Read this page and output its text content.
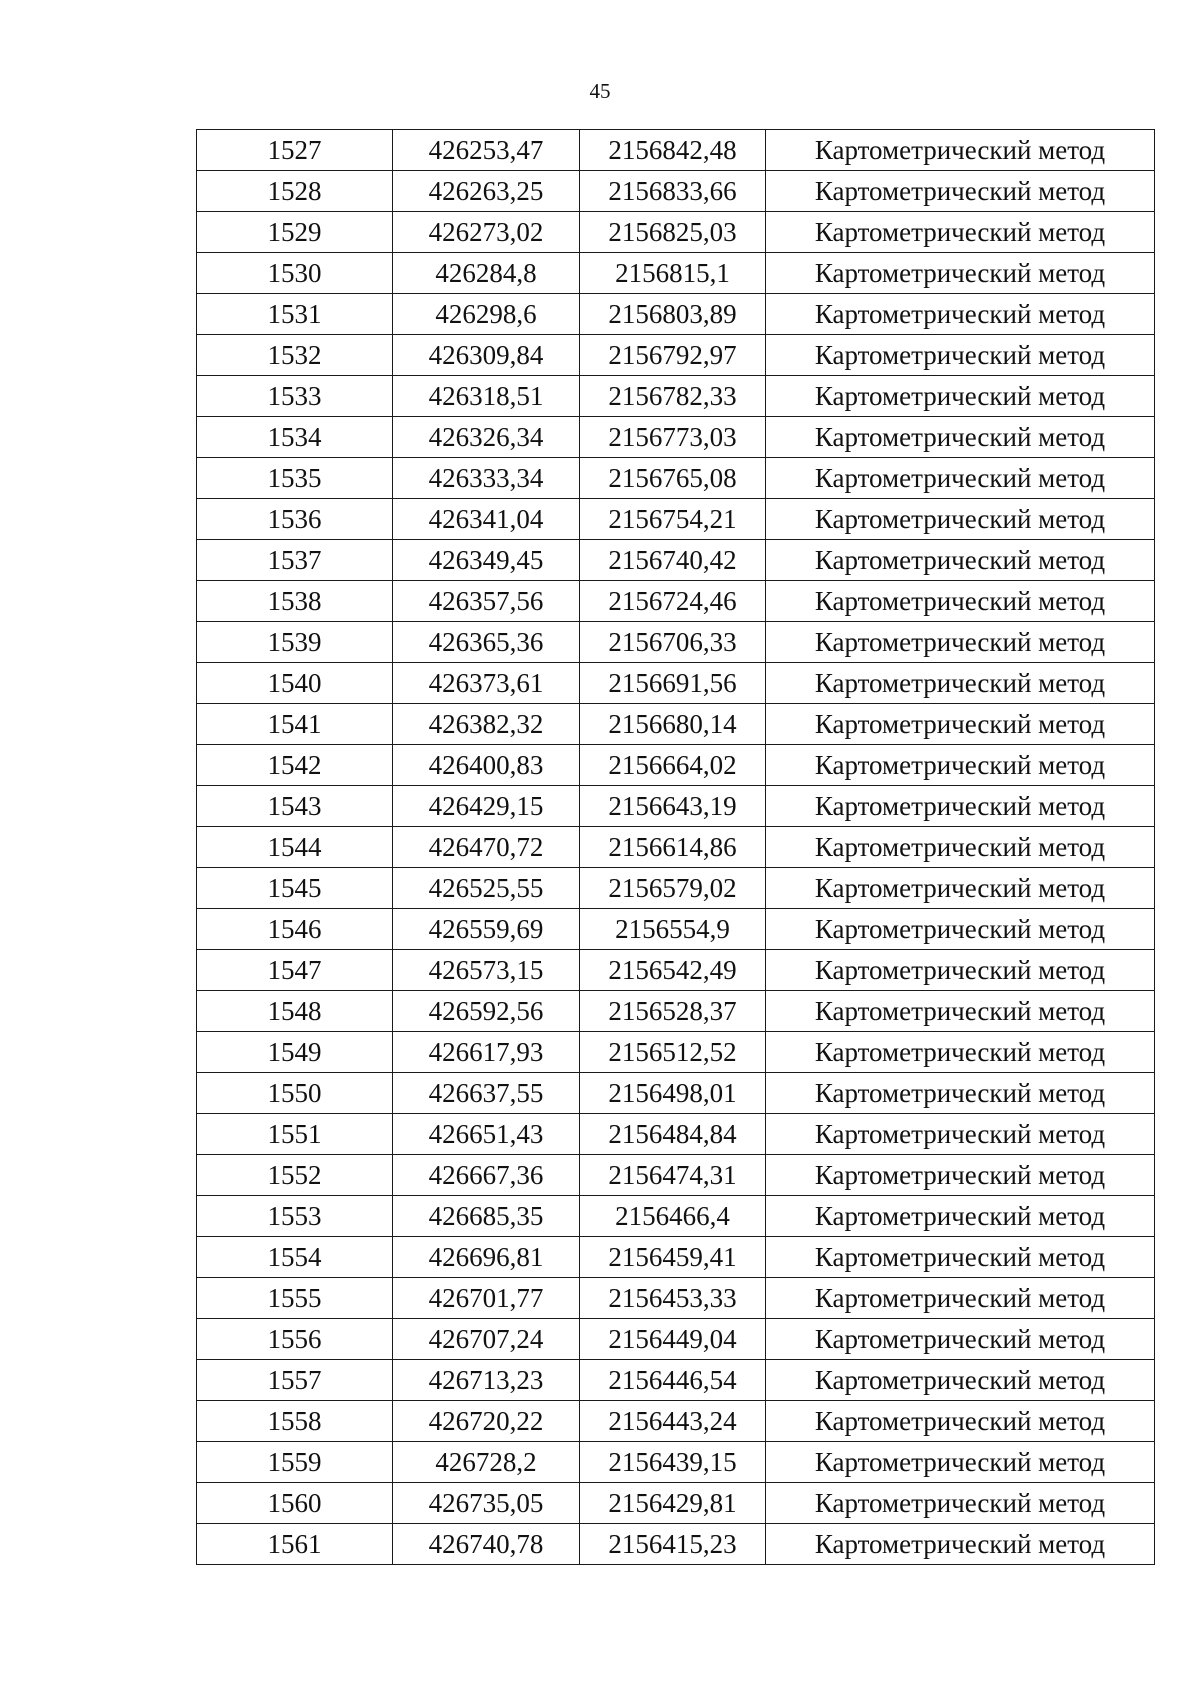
45
1527	426253,47	2156842,48	Картометрический метод
1528	426263,25	2156833,66	Картометрический метод
1529	426273,02	2156825,03	Картометрический метод
1530	426284,8	2156815,1	Картометрический метод
1531	426298,6	2156803,89	Картометрический метод
1532	426309,84	2156792,97	Картометрический метод
1533	426318,51	2156782,33	Картометрический метод
1534	426326,34	2156773,03	Картометрический метод
1535	426333,34	2156765,08	Картометрический метод
1536	426341,04	2156754,21	Картометрический метод
1537	426349,45	2156740,42	Картометрический метод
1538	426357,56	2156724,46	Картометрический метод
1539	426365,36	2156706,33	Картометрический метод
1540	426373,61	2156691,56	Картометрический метод
1541	426382,32	2156680,14	Картометрический метод
1542	426400,83	2156664,02	Картометрический метод
1543	426429,15	2156643,19	Картометрический метод
1544	426470,72	2156614,86	Картометрический метод
1545	426525,55	2156579,02	Картометрический метод
1546	426559,69	2156554,9	Картометрический метод
1547	426573,15	2156542,49	Картометрический метод
1548	426592,56	2156528,37	Картометрический метод
1549	426617,93	2156512,52	Картометрический метод
1550	426637,55	2156498,01	Картометрический метод
1551	426651,43	2156484,84	Картометрический метод
1552	426667,36	2156474,31	Картометрический метод
1553	426685,35	2156466,4	Картометрический метод
1554	426696,81	2156459,41	Картометрический метод
1555	426701,77	2156453,33	Картометрический метод
1556	426707,24	2156449,04	Картометрический метод
1557	426713,23	2156446,54	Картометрический метод
1558	426720,22	2156443,24	Картометрический метод
1559	426728,2	2156439,15	Картометрический метод
1560	426735,05	2156429,81	Картометрический метод
1561	426740,78	2156415,23	Картометрический метод
